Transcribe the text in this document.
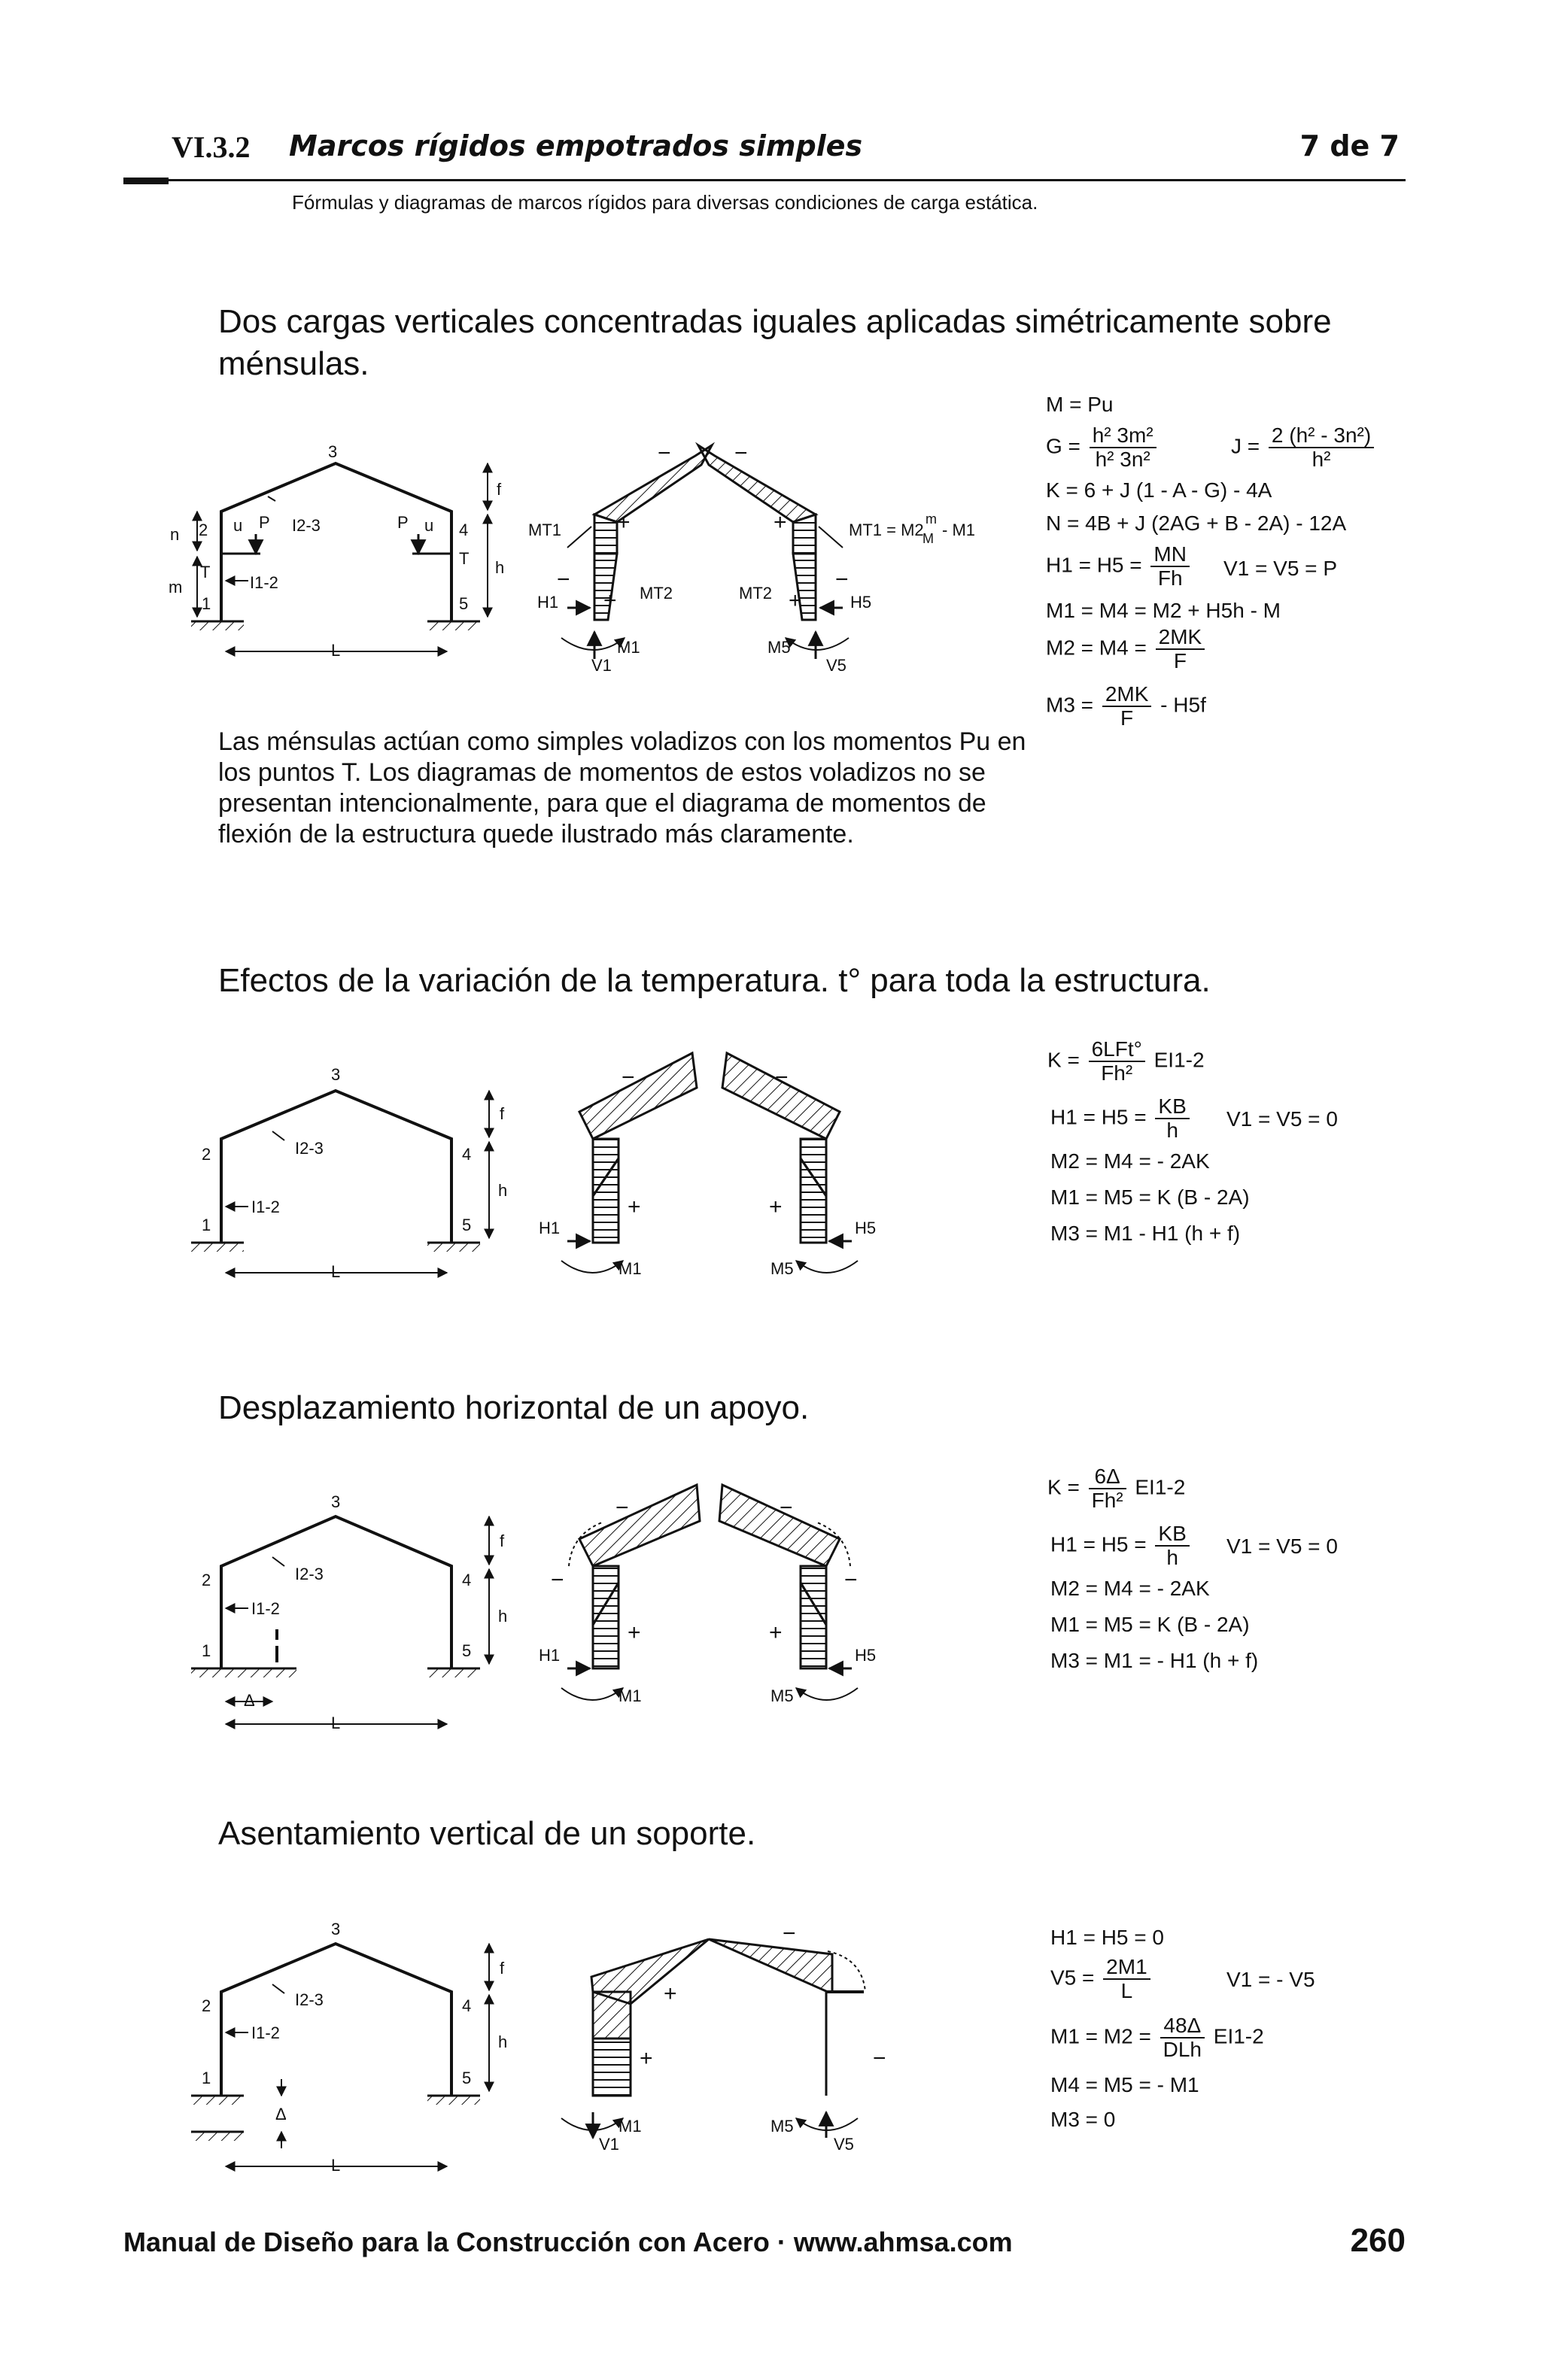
VI.3.2 Marcos rígidos empotrados simples	7 de 7
Fórmulas y diagramas de marcos rígidos para diversas condiciones de carga estática.
Dos cargas verticales concentradas iguales aplicadas simétricamente sobre ménsulas.
Efectos de la variación de la temperatura. t° para toda la estructura.
Desplazamiento horizontal de un apoyo.
Asentamiento vertical de un soporte.
Las ménsulas actúan como simples voladizos con los momentos Pu en los puntos T. Los diagramas de momentos de estos voladizos no se presentan intencionalmente, para que el diagrama de momentos de flexión de la estructura quede ilustrado más claramente.
3
2
1
4
5
L
f
h
n
m
T
T
u	u
P	P
I2-3
I1-2
−	−
+	+
−	−
+	+
MT1	MT1 = M2
m
M - M1
MT2	MT2
H1	H5
M1	M5
V1	V5
3
2
1
4
5
L
f
h
I2-3
I1-2
−	−
+	+
H1	H5
M1	M5
3
2
1
4
5
L
Δ
f
h
I2-3
I1-2
−	−
−	−
+	+
H1	H5
M1	M5
3
2
1
4
5
L
Δ
f
h
I2-3
I1-2
−
+
+	−
M1	M5
V1	V5
M = Pu
$G = \frac{\text{h² 3m²}}{\text{h² 3n²}}$	$J = \frac{\text{2 (h² - 3n²)}}{\text{h²}}$
K = 6 + J (1 - A - G) - 4A
N = 4B + J (2AG + B - 2A) - 12A
$H1 = H5 = \frac{MN}{Fh} V1 = V5 = P$
M1 = M4 = M2 + H5h - M
$M2 = M4 = \frac{2MK}{F}$
$M3 = \frac{2MK}{F} - H5f$
$K = \frac{\text{6LFt°}}{\text{Fh²}} EI1-2$
$H1 = H5 = \frac{KB}{h} V1 = V5 = 0$
M2 = M4 = - 2AK
M1 = M5 = K (B - 2A)
M3 = M1 - H1 (h + f)
$K = \frac{6\Delta}{\text{Fh²}} EI1-2$
$H1 = H5 = \frac{KB}{h} V1 = V5 = 0$
M2 = M4 = - 2AK
M1 = M5 = K (B - 2A)
M3 = M1 = - H1 (h + f)
H1 = H5 = 0
$V5 = \frac{2M1}{L}$	V1 = - V5
$M1 = M2 = \frac{48\Delta}{\text{DLh}} EI1-2$
M4 = M5 = - M1
M3 = 0
Manual de Diseño para la Construcción con Acero · www.ahmsa.com	260
